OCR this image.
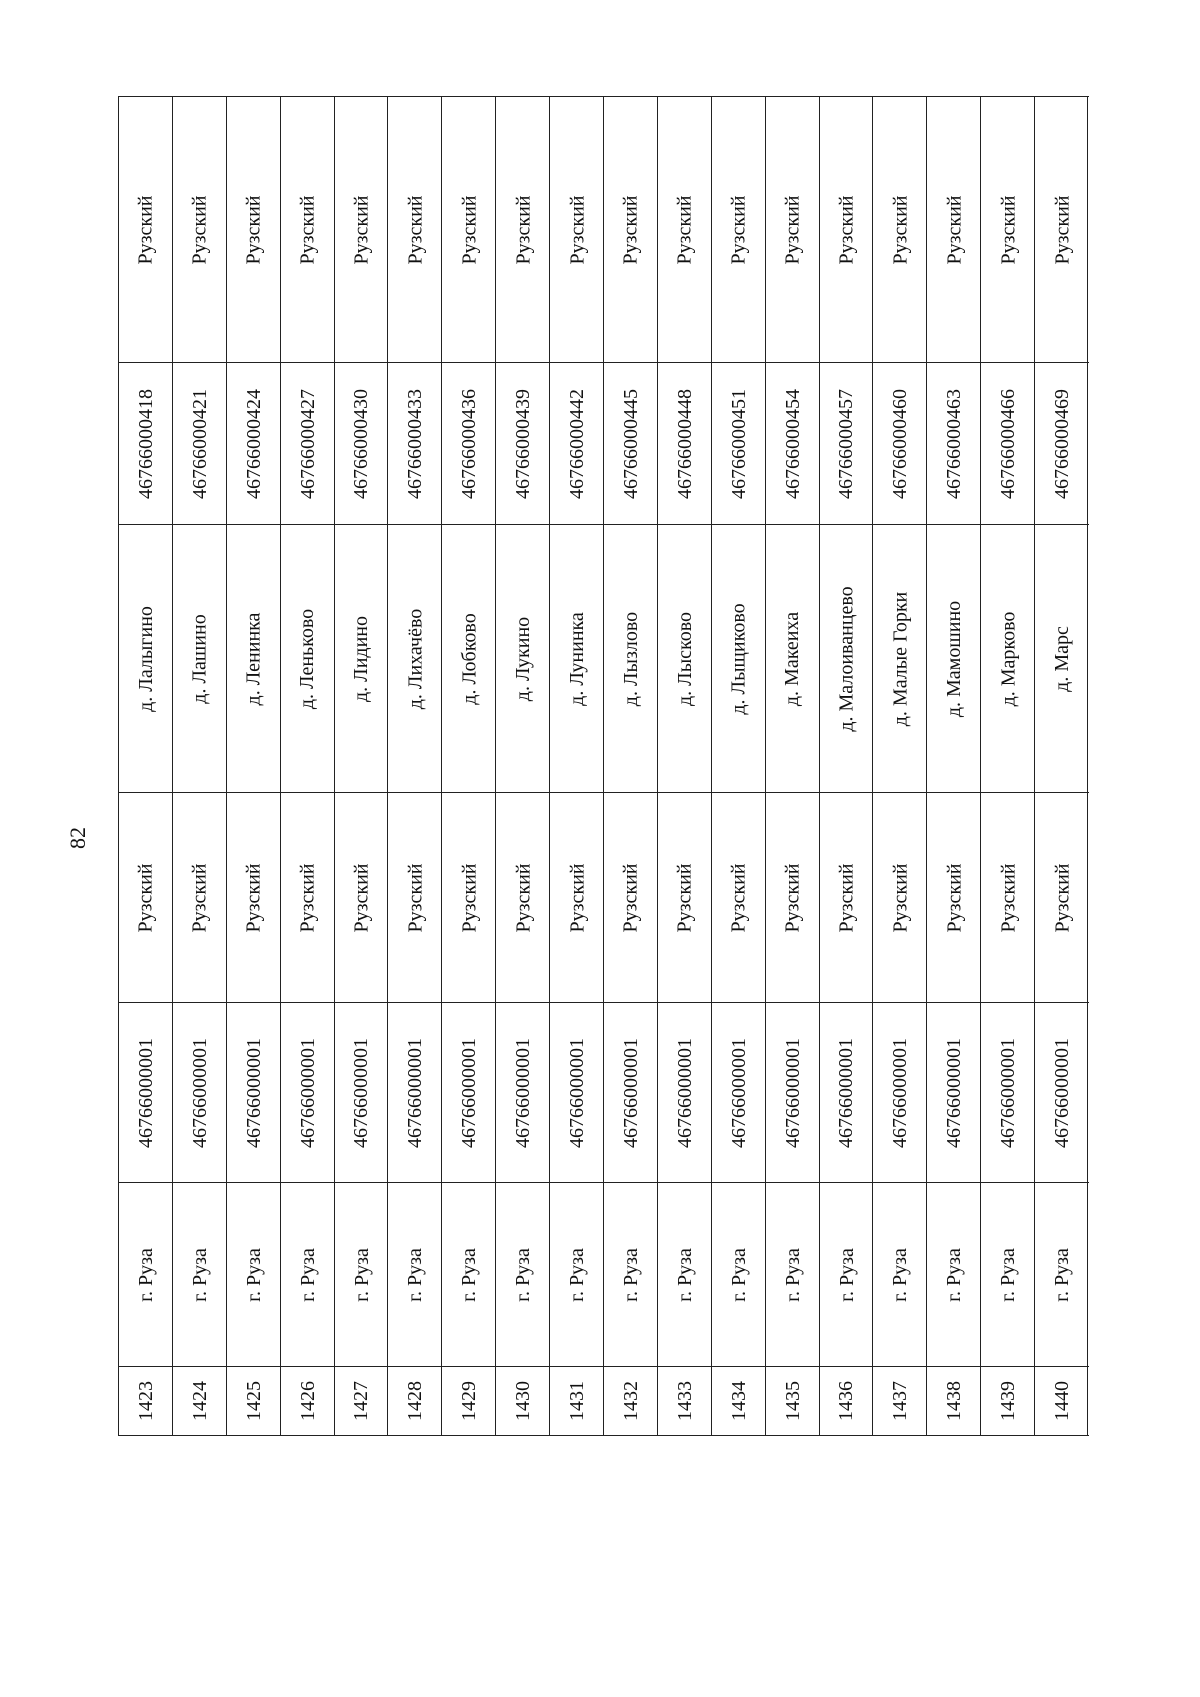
82
Рузский
46766000418
д. Лалыгино
Рузский
46766000001
г. Руза
1423
Рузский
46766000421
д. Лашино
Рузский
46766000001
г. Руза
1424
Рузский
46766000424
д. Ленинка
Рузский
46766000001
г. Руза
1425
Рузский
46766000427
д. Леньково
Рузский
46766000001
г. Руза
1426
Рузский
46766000430
д. Лидино
Рузский
46766000001
г. Руза
1427
Рузский
46766000433
д. Лихачёво
Рузский
46766000001
г. Руза
1428
Рузский
46766000436
д. Лобково
Рузский
46766000001
г. Руза
1429
Рузский
46766000439
д. Лукино
Рузский
46766000001
г. Руза
1430
Рузский
46766000442
д. Лунинка
Рузский
46766000001
г. Руза
1431
Рузский
46766000445
д. Лызлово
Рузский
46766000001
г. Руза
1432
Рузский
46766000448
д. Лысково
Рузский
46766000001
г. Руза
1433
Рузский
46766000451
д. Лыщиково
Рузский
46766000001
г. Руза
1434
Рузский
46766000454
д. Макеиха
Рузский
46766000001
г. Руза
1435
Рузский
46766000457
д. Малоиванцево
Рузский
46766000001
г. Руза
1436
Рузский
46766000460
д. Малые Горки
Рузский
46766000001
г. Руза
1437
Рузский
46766000463
д. Мамошино
Рузский
46766000001
г. Руза
1438
Рузский
46766000466
д. Марково
Рузский
46766000001
г. Руза
1439
Рузский
46766000469
д. Марс
Рузский
46766000001
г. Руза
1440
